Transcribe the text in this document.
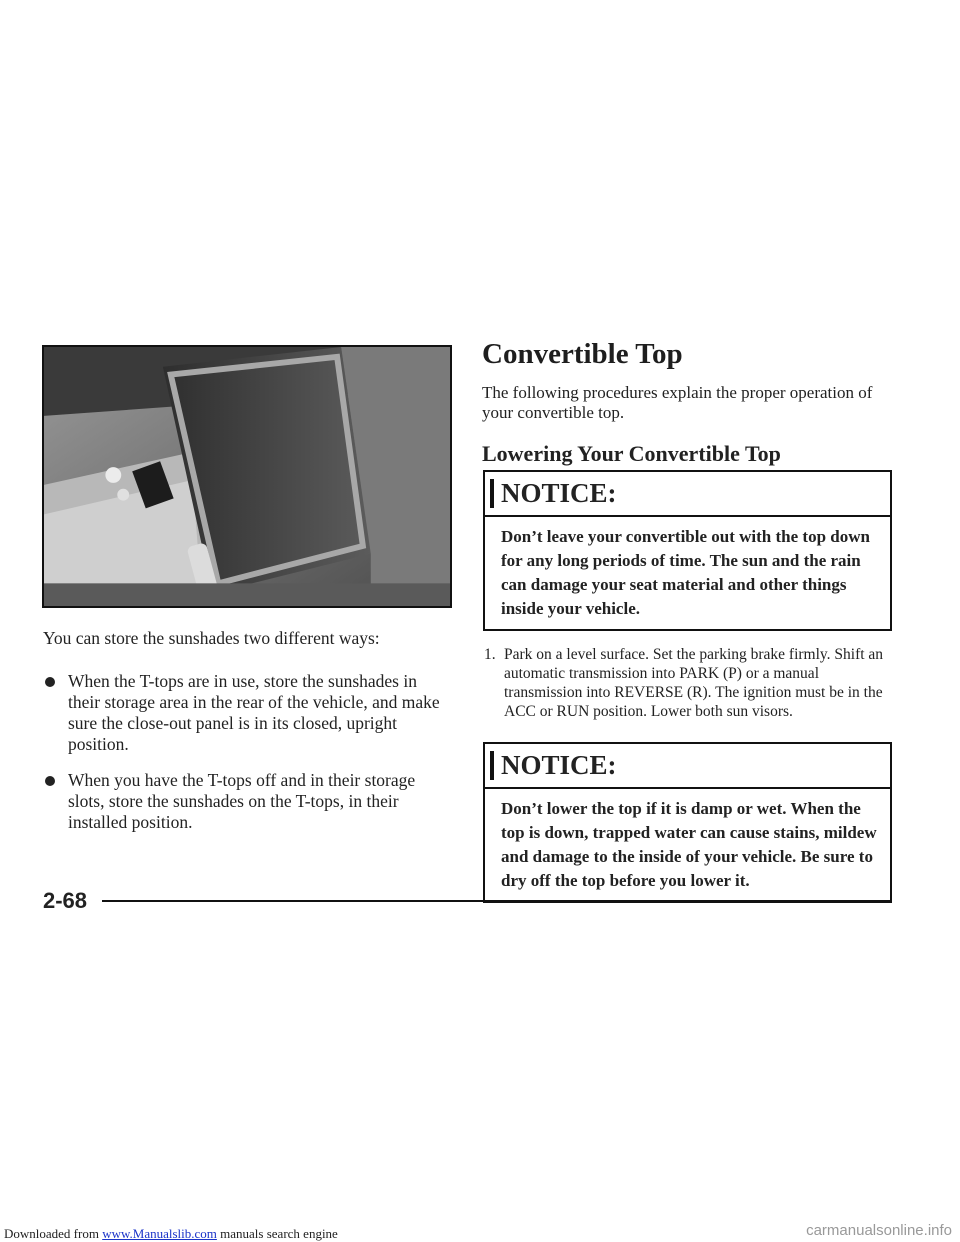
You can store the sunshades two different ways:

When the T-tops are in use, store the sunshades in their storage area in the rear of the vehicle, and make sure the close-out panel is in its closed, upright position.
When you have the T-tops off and in their storage slots, store the sunshades on the T-tops, in their installed position.
Convertible Top

The following procedures explain the proper operation of your convertible top.

Lowering Your Convertible Top
NOTICE:
Don’t leave your convertible out with the top down for any long periods of time. The sun and the rain can damage your seat material and other things inside your vehicle.
1. Park on a level surface. Set the parking brake firmly. Shift an automatic transmission into PARK (P) or a manual transmission into REVERSE (R). The ignition must be in the ACC or RUN position. Lower both sun visors.
NOTICE:
Don’t lower the top if it is damp or wet. When the top is down, trapped water can cause stains, mildew and damage to the inside of your vehicle. Be sure to dry off the top before you lower it.
2-68
Downloaded from www.Manualslib.com manuals search engine	carmanualsonline.info
